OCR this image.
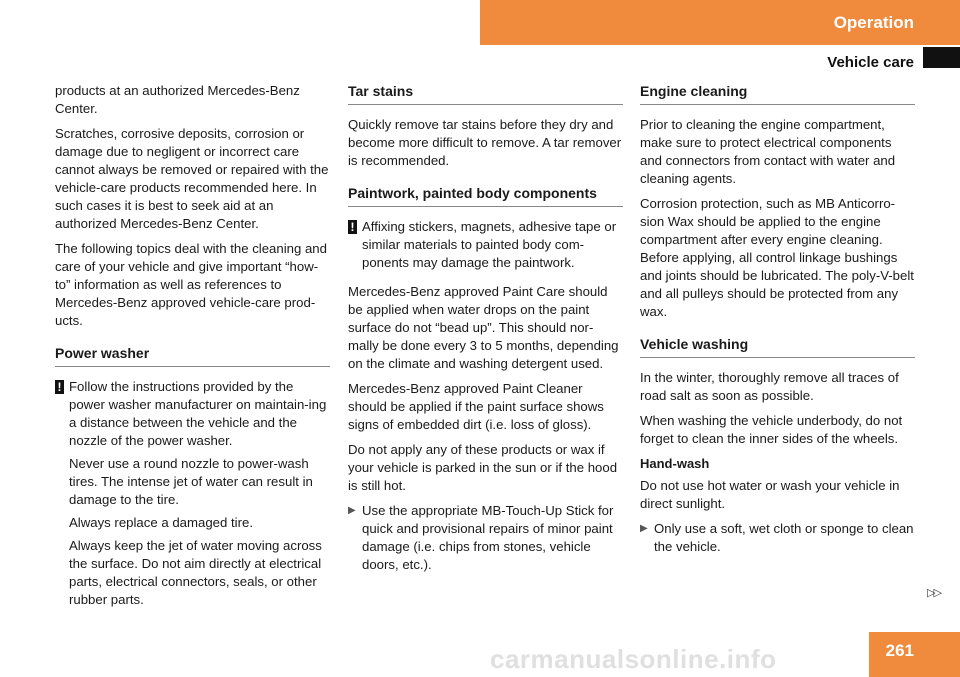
Operation
Vehicle care

products at an authorized Mercedes-Benz Center.

Scratches, corrosive deposits, corrosion or damage due to negligent or incorrect care cannot always be removed or repaired with the vehicle-care products recommended here. In such cases it is best to seek aid at an authorized Mercedes-Benz Center.

The following topics deal with the cleaning and care of your vehicle and give important “how-to” information as well as references to Mercedes-Benz approved vehicle-care prod-ucts.

Power washer
! Follow the instructions provided by the power washer manufacturer on maintain-ing a distance between the vehicle and the nozzle of the power washer.

Never use a round nozzle to power-wash tires. The intense jet of water can result in damage to the tire.

Always replace a damaged tire.

Always keep the jet of water moving across the surface. Do not aim directly at electrical parts, electrical connectors, seals, or other rubber parts.

Tar stains

Quickly remove tar stains before they dry and become more difficult to remove. A tar remover is recommended.

Paintwork, painted body components
! Affixing stickers, magnets, adhesive tape or similar materials to painted body com-ponents may damage the paintwork.

Mercedes-Benz approved Paint Care should be applied when water drops on the paint surface do not “bead up”. This should nor-mally be done every 3 to 5 months, depending on the climate and washing detergent used.

Mercedes-Benz approved Paint Cleaner should be applied if the paint surface shows signs of embedded dirt (i.e. loss of gloss).

Do not apply any of these products or wax if your vehicle is parked in the sun or if the hood is still hot.

▶ Use the appropriate MB-Touch-Up Stick for quick and provisional repairs of minor paint damage (i.e. chips from stones, vehicle doors, etc.).
Engine cleaning

Prior to cleaning the engine compartment, make sure to protect electrical components and connectors from contact with water and cleaning agents.

Corrosion protection, such as MB Anticorro-sion Wax should be applied to the engine compartment after every engine cleaning. Before applying, all control linkage bushings and joints should be lubricated. The poly-V-belt and all pulleys should be protected from any wax.

Vehicle washing

In the winter, thoroughly remove all traces of road salt as soon as possible.

When washing the vehicle underbody, do not forget to clean the inner sides of the wheels.

Hand-wash

Do not use hot water or wash your vehicle in direct sunlight.

▶ Only use a soft, wet cloth or sponge to clean the vehicle.
▷▷
carmanualsonline.info	261
